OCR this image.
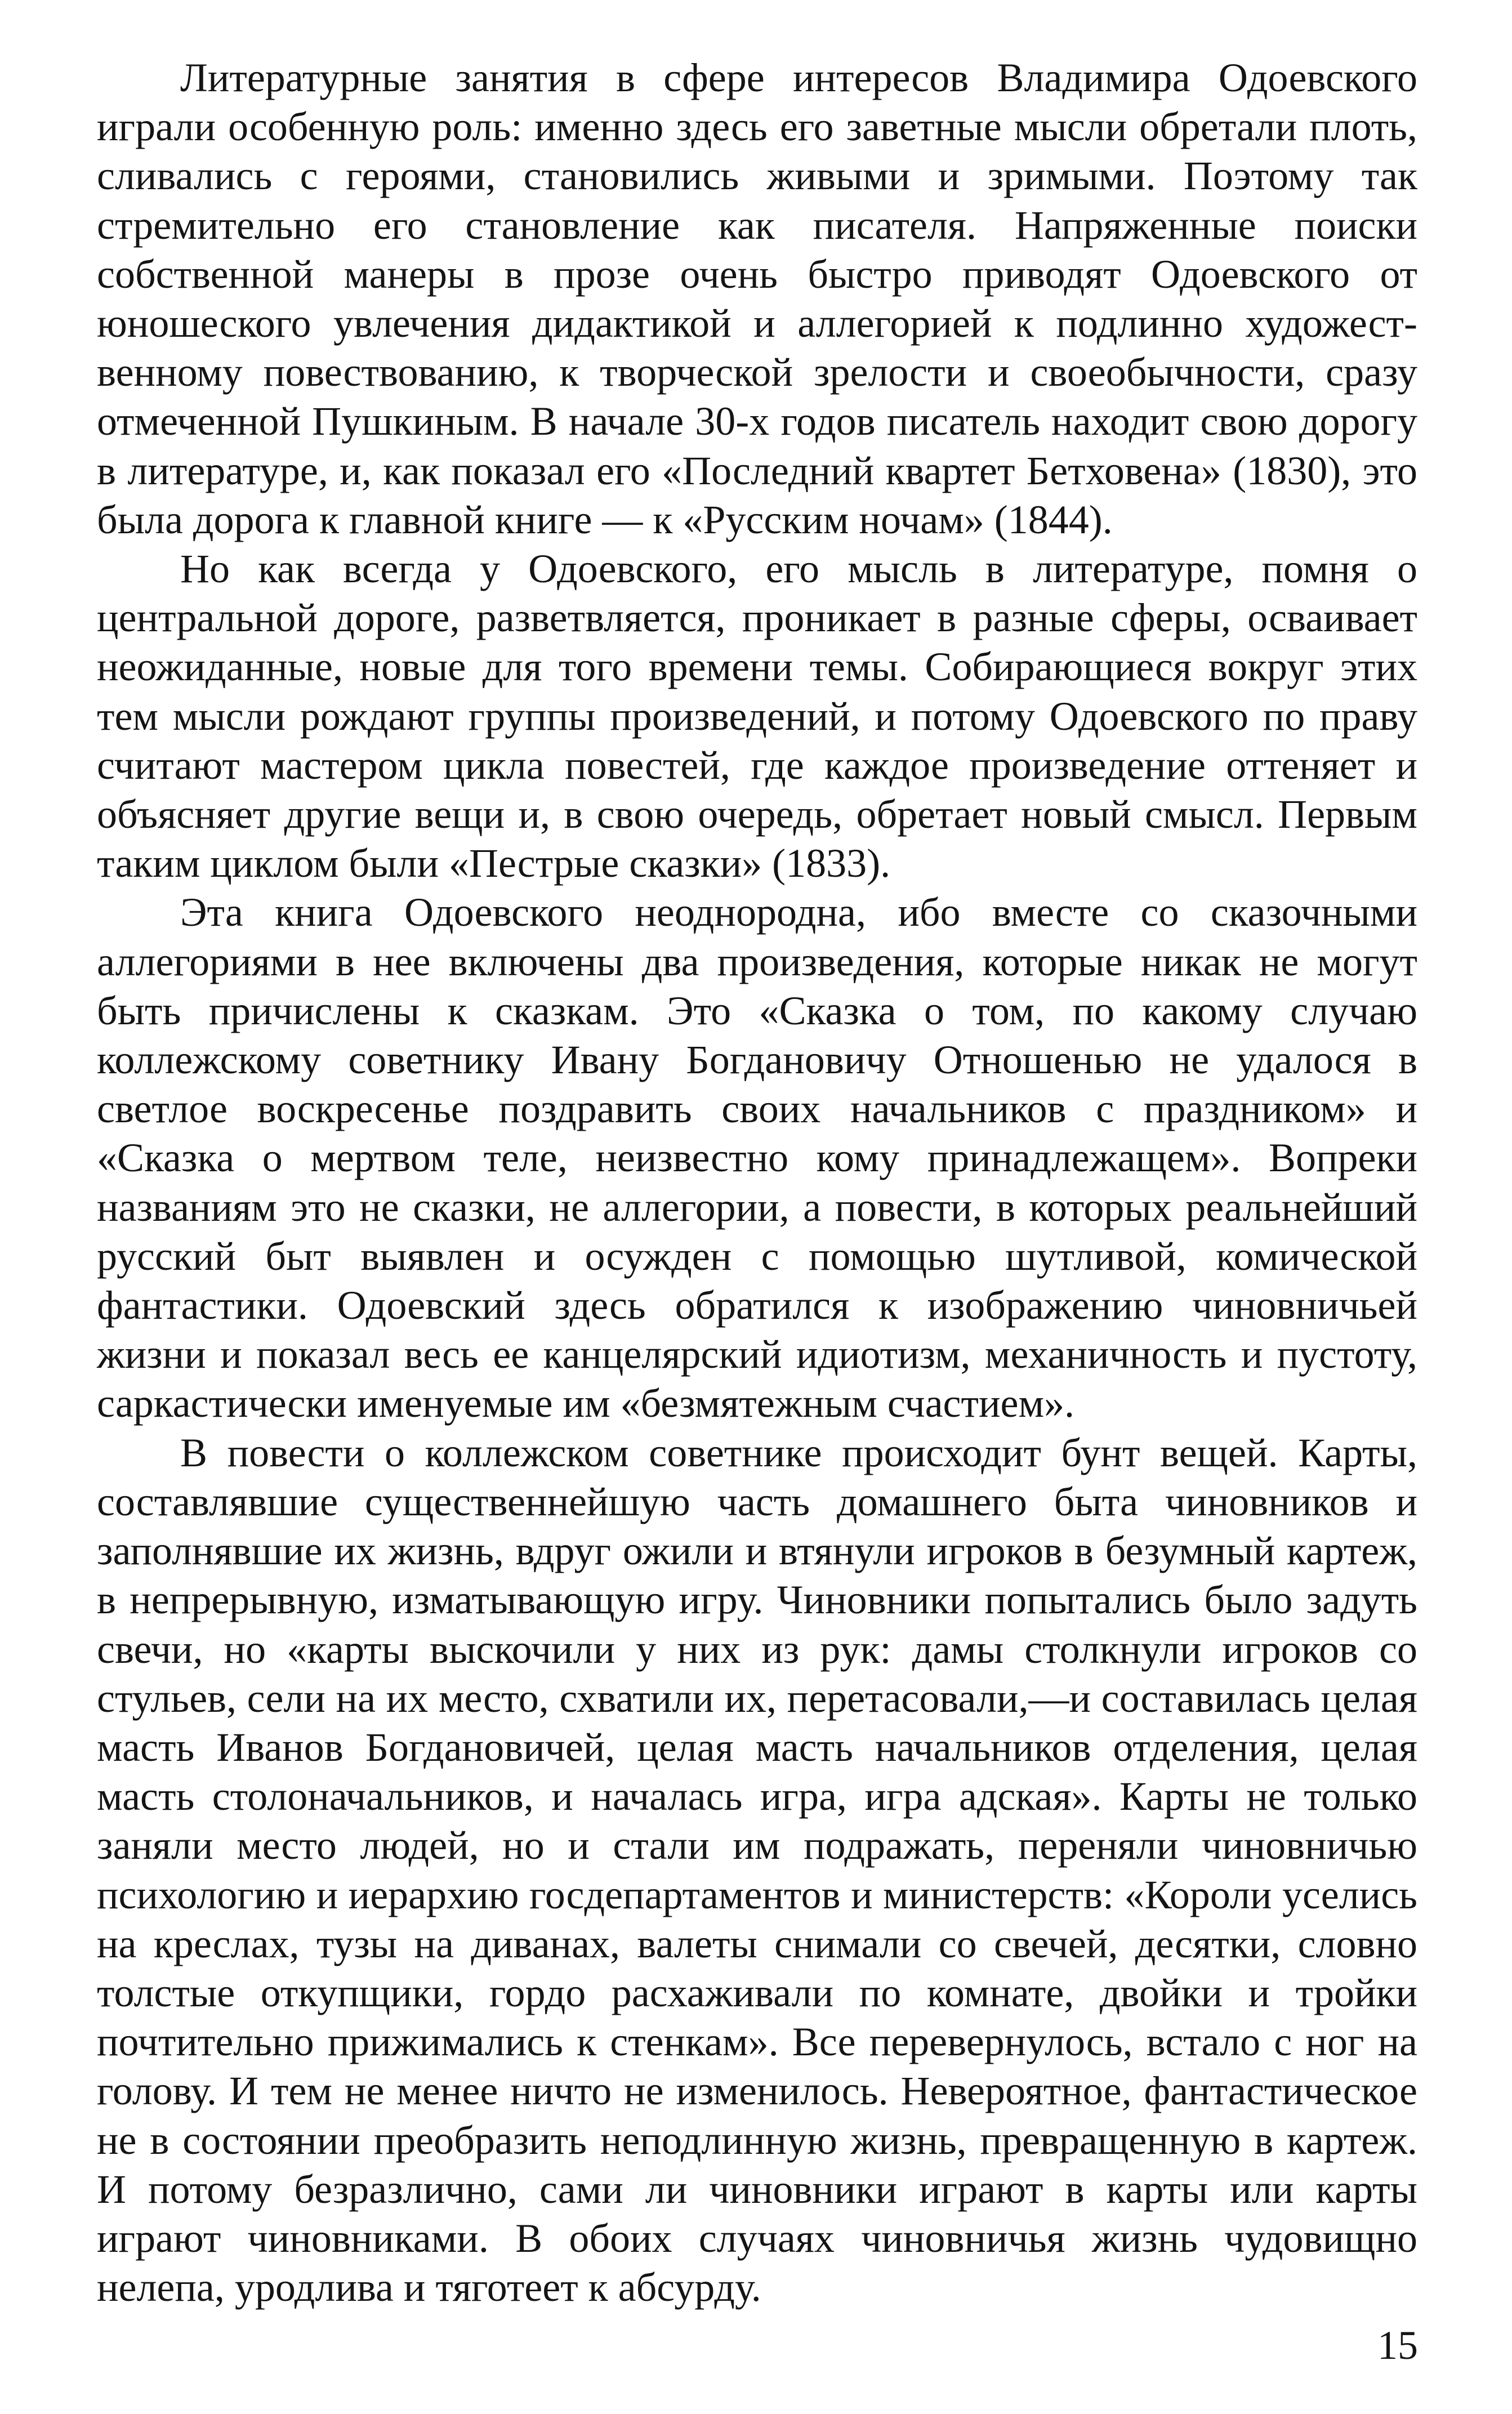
Литературные занятия в сфере интересов Владимира Одоевского играли особенную роль: именно здесь его заветные мысли обретали плоть, сливались с героями, становились живыми и зримыми. Поэтому так стремительно его становление как писателя. Напряженные поиски собственной манеры в прозе очень быстро приводят Одоевского от юношеского увлечения дидактикой и аллегорией к подлинно художественному повествованию, к творческой зрелости и своеобычности, сразу отмеченной Пушкиным. В начале 30-х годов писатель находит свою дорогу в литературе, и, как показал его «Последний квартет Бетховена» (1830), это была дорога к главной книге — к «Русским ночам» (1844).

Но как всегда у Одоевского, его мысль в литературе, помня о центральной дороге, разветвляется, проникает в разные сферы, осваивает неожиданные, новые для того времени темы. Собирающиеся вокруг этих тем мысли рождают группы произведений, и потому Одоевского по праву считают мастером цикла повестей, где каждое произведение оттеняет и объясняет другие вещи и, в свою очередь, обретает новый смысл. Первым таким циклом были «Пестрые сказки» (1833).

Эта книга Одоевского неоднородна, ибо вместе со сказочными аллегориями в нее включены два произведения, которые никак не могут быть причислены к сказкам. Это «Сказка о том, по какому случаю коллежскому советнику Ивану Богдановичу Отношенью не удалося в светлое воскресенье поздравить своих начальников с праздником» и «Сказка о мертвом теле, неизвестно кому принадлежащем». Вопреки названиям это не сказки, не аллегории, а повести, в которых реальнейший русский быт выявлен и осужден с помощью шутливой, комической фантастики. Одоевский здесь обратился к изображению чиновничьей жизни и показал весь ее канцелярский идиотизм, механичность и пустоту, саркастически именуемые им «безмятежным счастием».

В повести о коллежском советнике происходит бунт вещей. Карты, составлявшие существеннейшую часть домашнего быта чиновников и заполнявшие их жизнь, вдруг ожили и втянули игроков в безумный картеж, в непрерывную, изматывающую игру. Чиновники попытались было задуть свечи, но «карты выскочили у них из рук: дамы столкнули игроков со стульев, сели на их место, схватили их, перетасовали,—и составилась целая масть Иванов Богдановичей, целая масть начальников отделения, целая масть столоначальников, и началась игра, игра адская». Карты не только заняли место людей, но и стали им подражать, переняли чиновничью психологию и иерархию госдепартаментов и министерств: «Короли уселись на креслах, тузы на диванах, валеты снимали со свечей, десятки, словно толстые откупщики, гордо расхаживали по комнате, двойки и тройки почтительно прижимались к стенкам». Все перевернулось, встало с ног на голову. И тем не менее ничто не изменилось. Невероятное, фантастическое не в состоянии преобразить неподлинную жизнь, превращенную в картеж. И потому безразлично, сами ли чиновники играют в карты или карты играют чиновниками. В обоих случаях чиновничья жизнь чудовищно нелепа, уродлива и тяготеет к абсурду.

15
